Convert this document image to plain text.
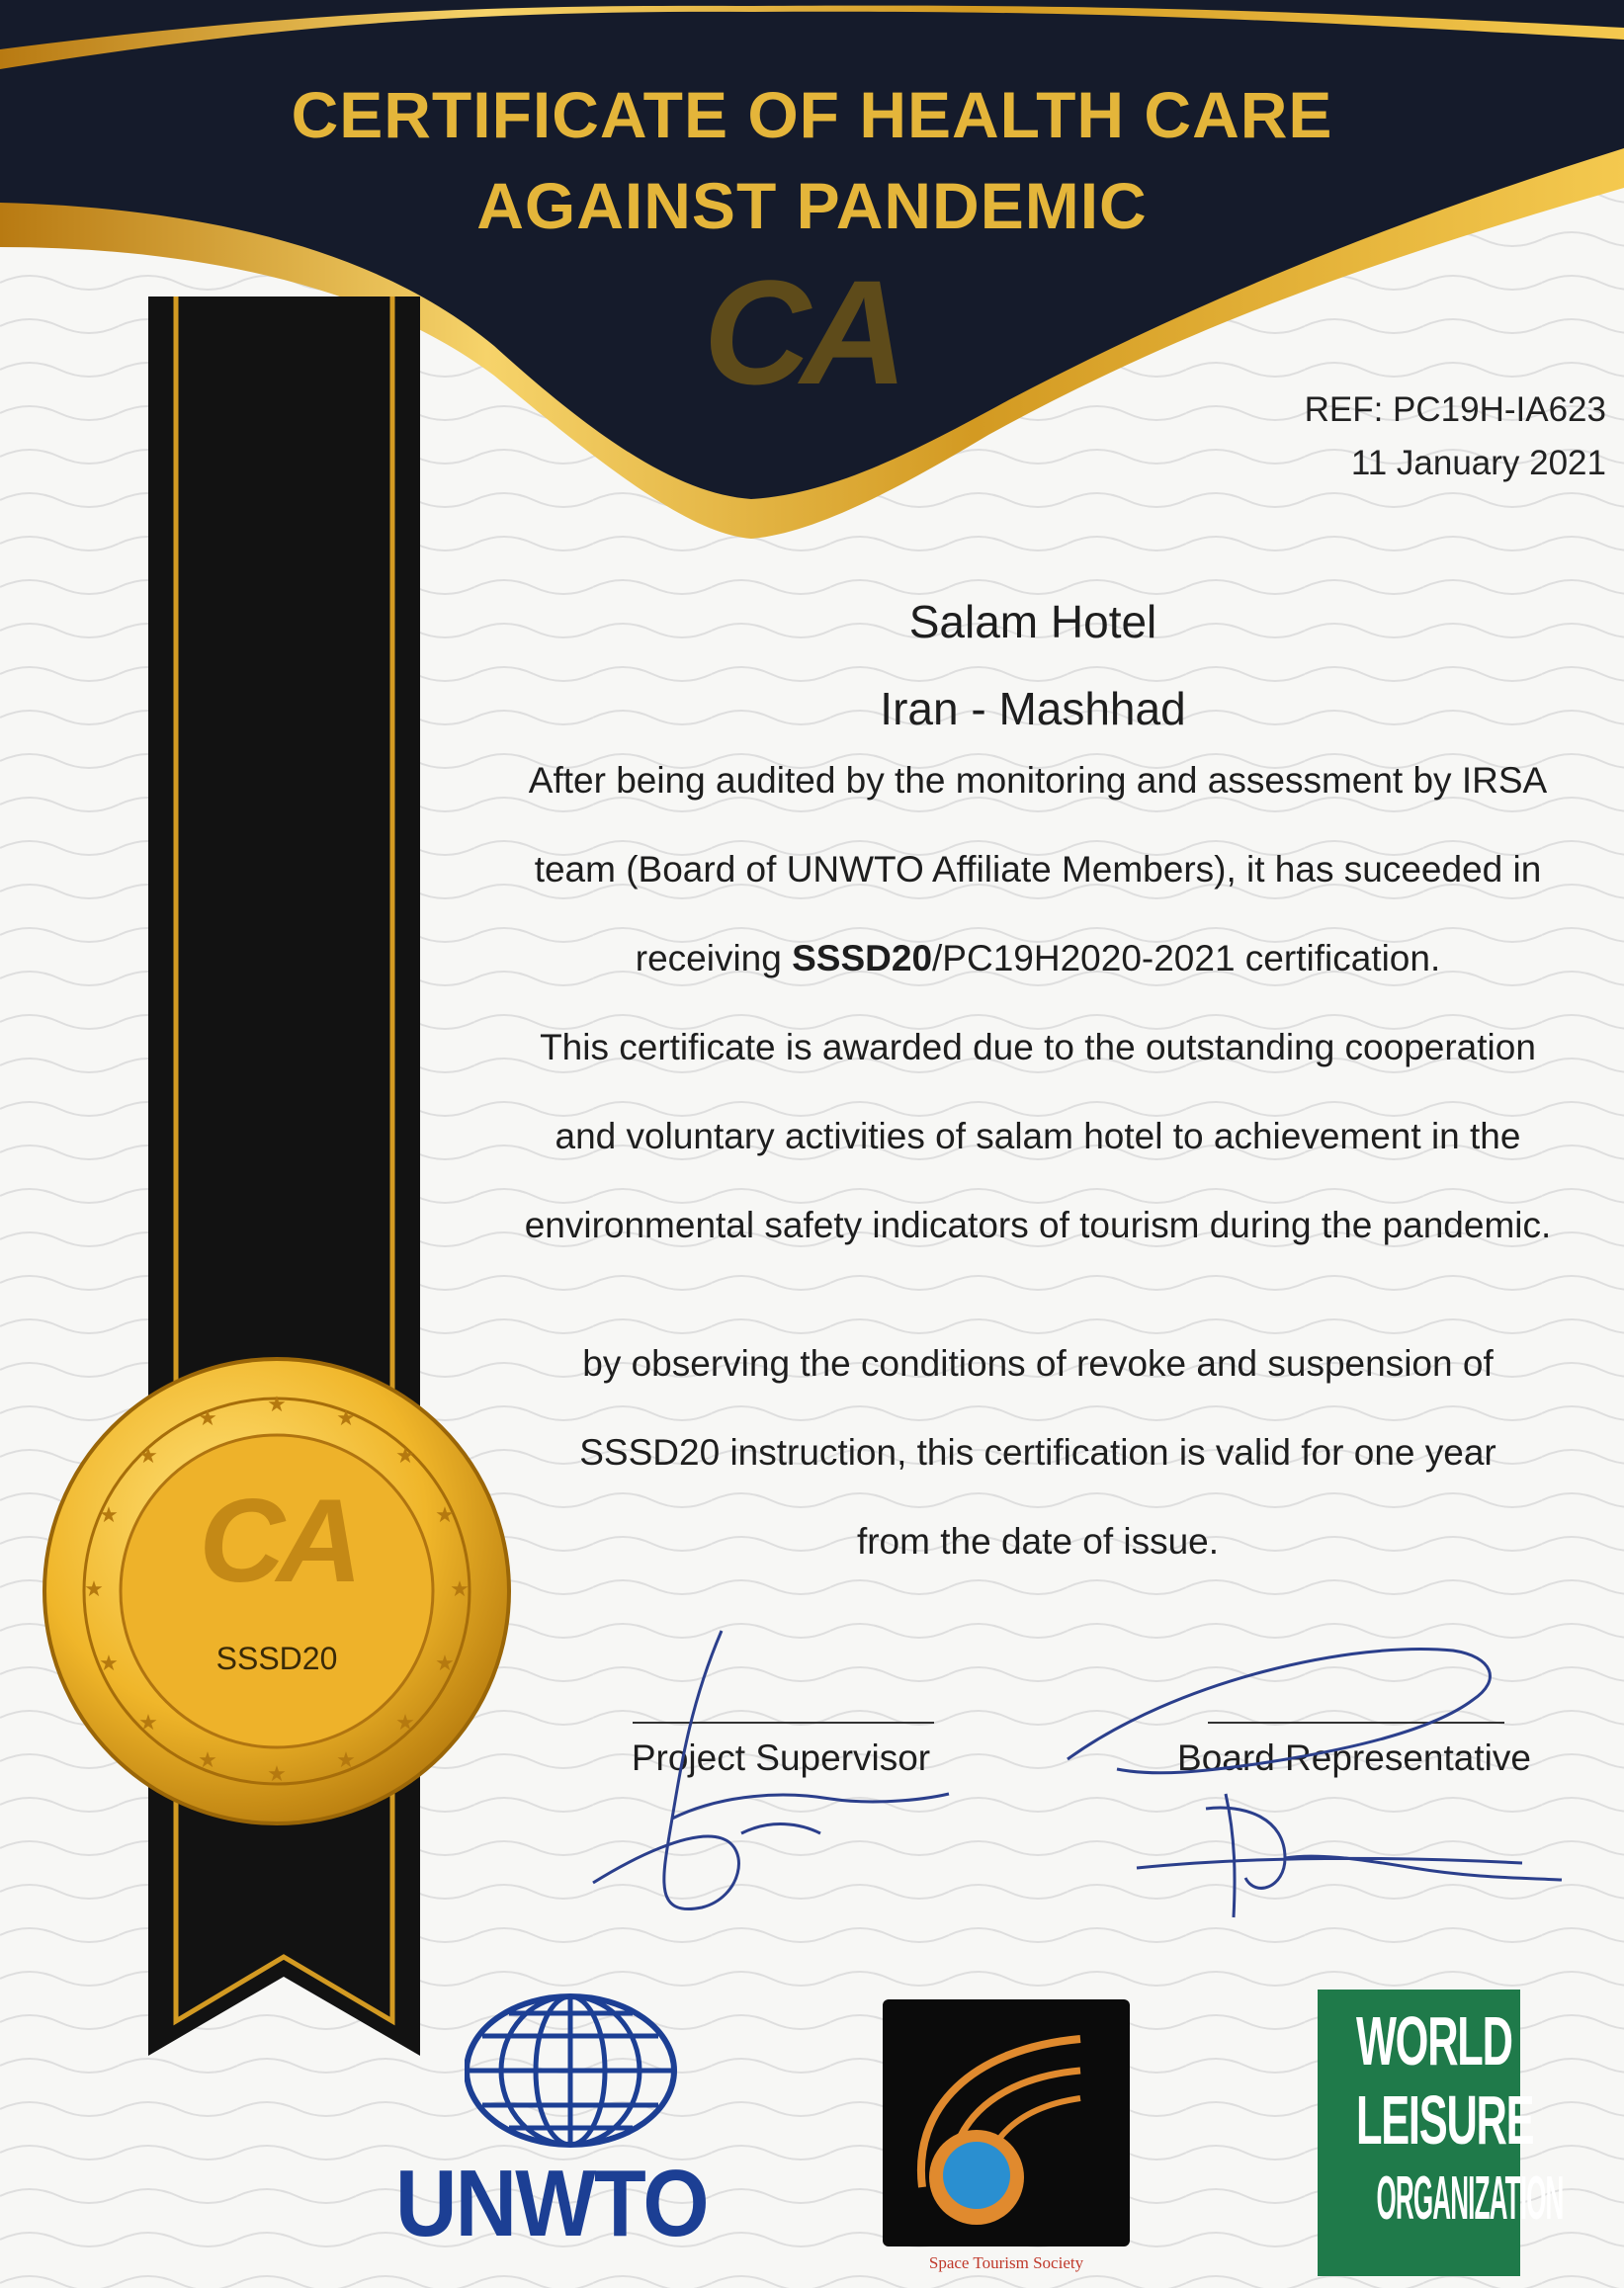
CERTIFICATE OF HEALTH CARE
AGAINST PANDEMIC
CA	REF: PC19H-IA623
11 January 2021
★
★
★
★
★
★
★
★
★
★
★
★
★
★
★
★
CA
SSSD20
Salam Hotel
Iran - Mashhad
After being audited by the monitoring and assessment by IRSA
team (Board of UNWTO Affiliate Members), it has suceeded in
receiving SSSD20/PC19H2020-2021 certification.
This certificate is awarded due to the outstanding cooperation
and voluntary activities of salam hotel to achievement in the
environmental safety indicators of tourism during the pandemic.
by observing the conditions of revoke and suspension of
SSSD20 instruction, this certification is valid for one year
from the date of issue.
Project Supervisor	Board Representative
UNWTO
Space Tourism Society
WORLD
LEISURE
ORGANIZATION
